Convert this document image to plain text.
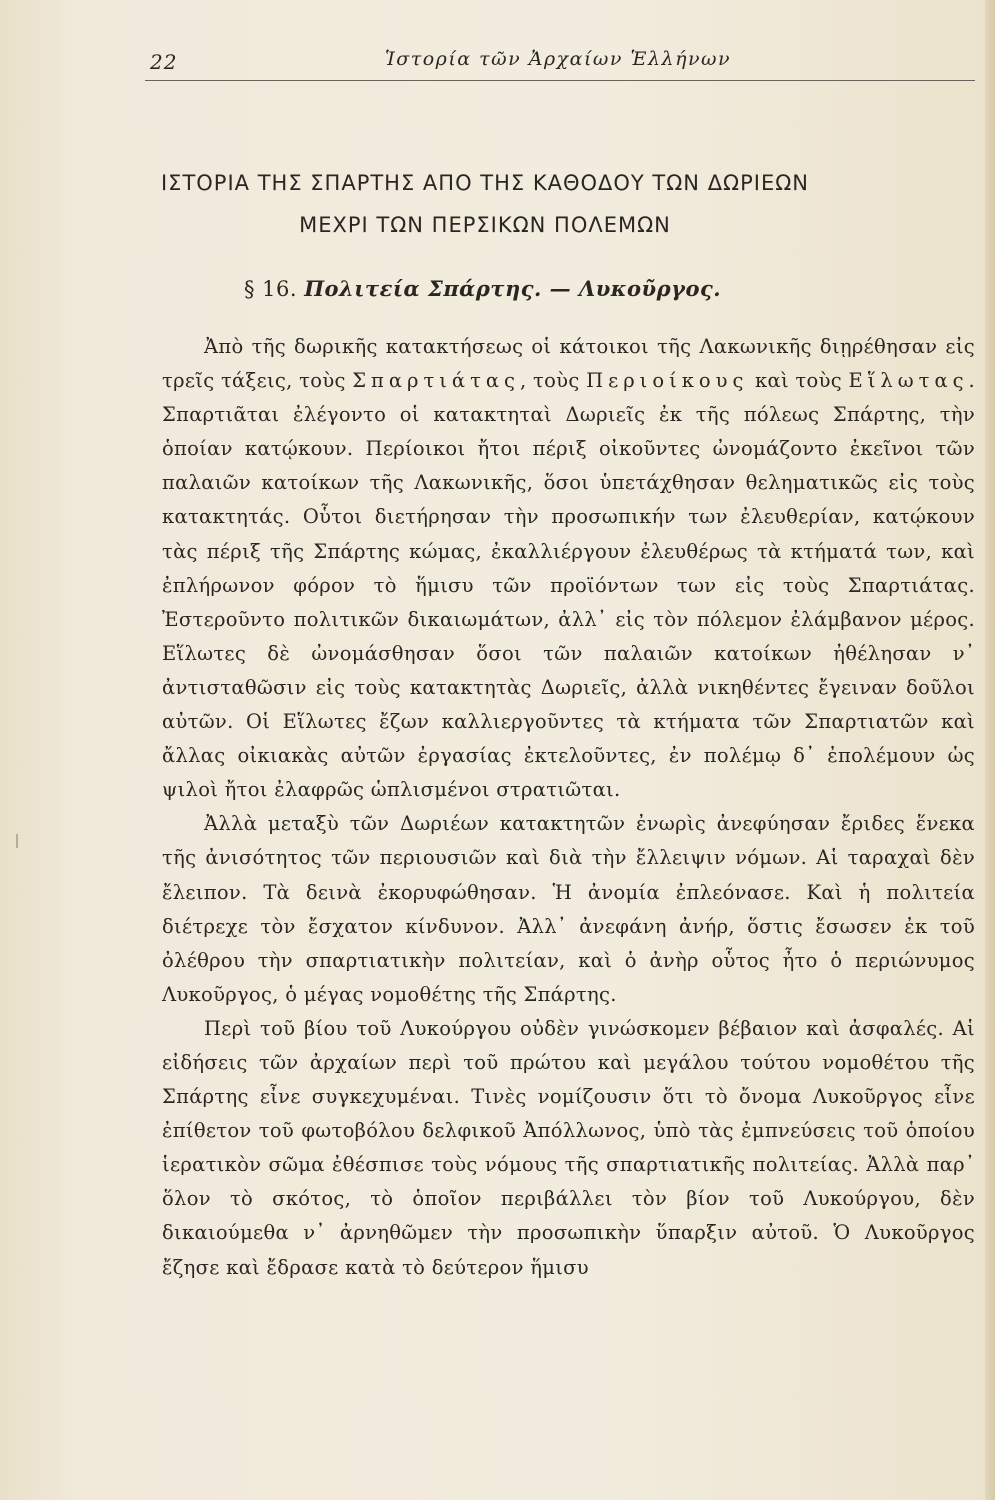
22	Ἱστορία τῶν Ἀρχαίων Ἑλλήνων
ΙΣΤΟΡΙΑ ΤΗΣ ΣΠΑΡΤΗΣ ΑΠΟ ΤΗΣ ΚΑΘΟΔΟΥ ΤΩΝ ΔΩΡΙΕΩΝ
ΜΕΧΡΙ ΤΩΝ ΠΕΡΣΙΚΩΝ ΠΟΛΕΜΩΝ
§ 16. Πολιτεία Σπάρτης. — Λυκοῦργος.

Ἀπὸ τῆς δωρικῆς κατακτήσεως οἱ κάτοικοι τῆς Λακωνικῆς διῃρέθησαν εἰς τρεῖς τάξεις, τοὺς Σπαρτιάτας, τοὺς Περιοίκους καὶ τοὺς Εἵλωτας. Σπαρτιᾶται ἐλέγοντο οἱ κατακτηταὶ Δωριεῖς ἐκ τῆς πόλεως Σπάρτης, τὴν ὁποίαν κατῴκουν. Περίοικοι ἤτοι πέριξ οἰκοῦντες ὠνομάζοντο ἐκεῖνοι τῶν παλαιῶν κατοίκων τῆς Λακωνικῆς, ὅσοι ὑπετάχθησαν θεληματικῶς εἰς τοὺς κατακτητάς. Οὗτοι διετήρησαν τὴν προσωπικήν των ἐλευθερίαν, κατῴκουν τὰς πέριξ τῆς Σπάρτης κώμας, ἐκαλλιέργουν ἐλευθέρως τὰ κτήματά των, καὶ ἐπλήρωνον φόρον τὸ ἥμισυ τῶν προϊόντων των εἰς τοὺς Σπαρτιάτας. Ἐστεροῦντο πολιτικῶν δικαιωμάτων, ἀλλ᾽ εἰς τὸν πόλεμον ἐλάμβανον μέρος. Εἵλωτες δὲ ὠνομάσθησαν ὅσοι τῶν παλαιῶν κατοίκων ἠθέλησαν ν᾽ ἀντισταθῶσιν εἰς τοὺς κατακτητὰς Δωριεῖς, ἀλλὰ νικηθέντες ἔγειναν δοῦλοι αὐτῶν. Οἱ Εἵλωτες ἔζων καλλιεργοῦντες τὰ κτήματα τῶν Σπαρτιατῶν καὶ ἄλλας οἰκιακὰς αὐτῶν ἐργασίας ἐκτελοῦντες, ἐν πολέμῳ δ᾽ ἐπολέμουν ὡς ψιλοὶ ἤτοι ἐλαφρῶς ὡπλισμένοι στρατιῶται.

Ἀλλὰ μεταξὺ τῶν Δωριέων κατακτητῶν ἐνωρὶς ἀνεφύησαν ἔριδες ἕνεκα τῆς ἀνισότητος τῶν περιουσιῶν καὶ διὰ τὴν ἔλλειψιν νόμων. Αἱ ταραχαὶ δὲν ἔλειπον. Τὰ δεινὰ ἐκορυφώθησαν. Ἡ ἀνομία ἐπλεόνασε. Καὶ ἡ πολιτεία διέτρεχε τὸν ἔσχατον κίνδυνον. Ἀλλ᾽ ἀνεφάνη ἀνήρ, ὅστις ἔσωσεν ἐκ τοῦ ὀλέθρου τὴν σπαρτιατικὴν πολιτείαν, καὶ ὁ ἀνὴρ οὗτος ἦτο ὁ περιώνυμος Λυκοῦργος, ὁ μέγας νομοθέτης τῆς Σπάρτης.

Περὶ τοῦ βίου τοῦ Λυκούργου οὐδὲν γινώσκομεν βέβαιον καὶ ἀσφαλές. Αἱ εἰδήσεις τῶν ἀρχαίων περὶ τοῦ πρώτου καὶ μεγάλου τούτου νομοθέτου τῆς Σπάρτης εἶνε συγκεχυμέναι. Τινὲς νομίζουσιν ὅτι τὸ ὄνομα Λυκοῦργος εἶνε ἐπίθετον τοῦ φωτοβόλου δελφικοῦ Ἀπόλλωνος, ὑπὸ τὰς ἐμπνεύσεις τοῦ ὁποίου ἱερατικὸν σῶμα ἐθέσπισε τοὺς νόμους τῆς σπαρτιατικῆς πολιτείας. Ἀλλὰ παρ᾽ ὅλον τὸ σκότος, τὸ ὁποῖον περιβάλλει τὸν βίον τοῦ Λυκούργου, δὲν δικαιούμεθα ν᾽ ἀρνηθῶμεν τὴν προσωπικὴν ὕπαρξιν αὐτοῦ. Ὁ Λυκοῦργος ἔζησε καὶ ἔδρασε κατὰ τὸ δεύτερον ἥμισυ
